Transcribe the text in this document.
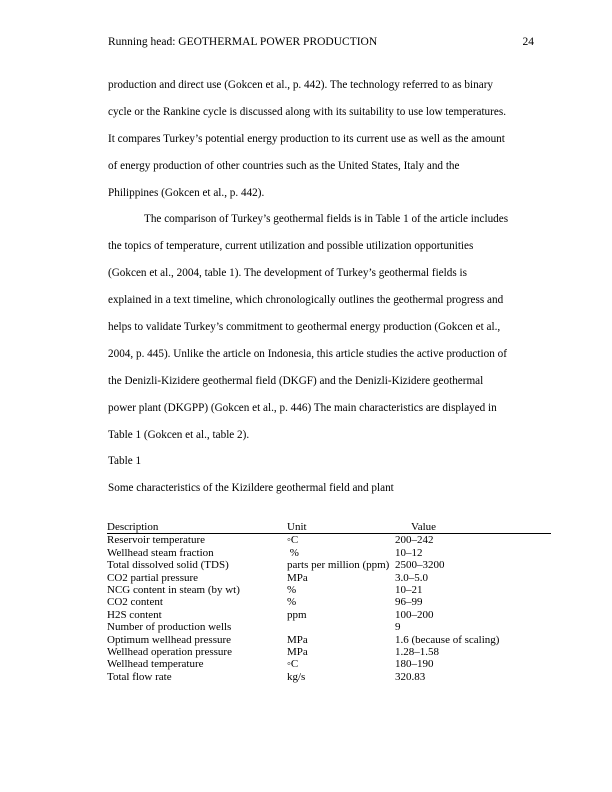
Running head: GEOTHERMAL POWER PRODUCTION	24
production and direct use (Gokcen et al., p. 442). The technology referred to as binary
cycle or the Rankine cycle is discussed along with its suitability to use low temperatures.
It compares Turkey’s potential energy production to its current use as well as the amount
of energy production of other countries such as the United States, Italy and the
Philippines (Gokcen et al., p. 442).
The comparison of Turkey’s geothermal fields is in Table 1 of the article includes
the topics of temperature, current utilization and possible utilization opportunities
(Gokcen et al., 2004, table 1). The development of Turkey’s geothermal fields is
explained in a text timeline, which chronologically outlines the geothermal progress and
helps to validate Turkey’s commitment to geothermal energy production (Gokcen et al.,
2004, p. 445). Unlike the article on Indonesia, this article studies the active production of
the Denizli-Kizidere geothermal field (DKGF) and the Denizli-Kizidere geothermal
power plant (DKGPP) (Gokcen et al., p. 446) The main characteristics are displayed in
Table 1 (Gokcen et al., table 2).
Table 1
Some characteristics of the Kizildere geothermal field and plant
Description	Unit	Value
Reservoir temperature	◦C	200–242
Wellhead steam fraction	%	10–12
Total dissolved solid (TDS)	parts per million (ppm)	2500–3200
CO2 partial pressure	MPa	3.0–5.0
NCG content in steam (by wt)	%	10–21
CO2 content	%	96–99
H2S content	ppm	100–200
Number of production wells		9
Optimum wellhead pressure	MPa	1.6 (because of scaling)
Wellhead operation pressure	MPa	1.28–1.58
Wellhead temperature	◦C	180–190
Total flow rate	kg/s	320.83
